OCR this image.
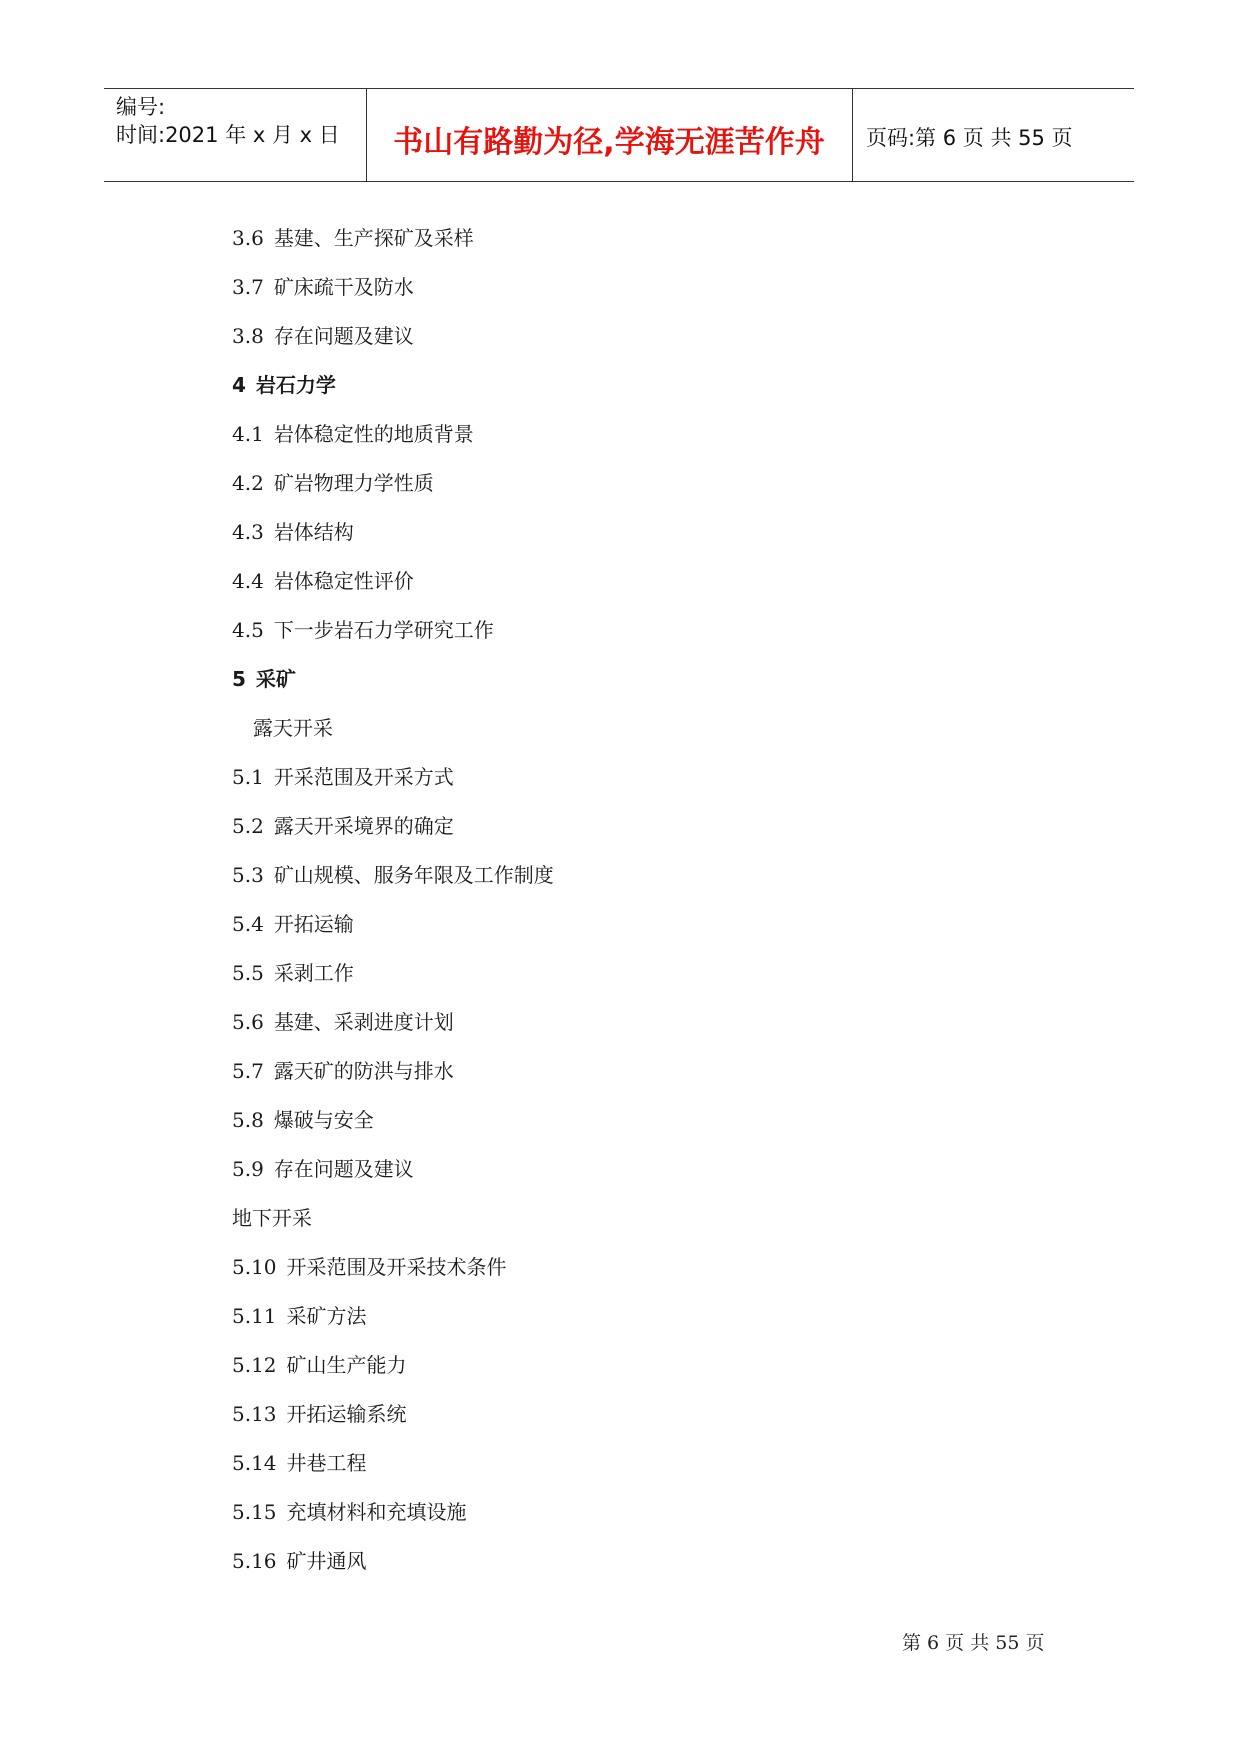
编号:
时间:2021 年 x 月 x 日	书山有路勤为径,学海无涯苦作舟	页码:第 6 页 共 55 页
3.6 基建、生产探矿及采样
3.7 矿床疏干及防水
3.8 存在问题及建议
4 岩石力学
4.1 岩体稳定性的地质背景
4.2 矿岩物理力学性质
4.3 岩体结构
4.4 岩体稳定性评价
4.5 下一步岩石力学研究工作
5 采矿
露天开采
5.1 开采范围及开采方式
5.2 露天开采境界的确定
5.3 矿山规模、服务年限及工作制度
5.4 开拓运输
5.5 采剥工作
5.6 基建、采剥进度计划
5.7 露天矿的防洪与排水
5.8 爆破与安全
5.9 存在问题及建议
地下开采
5.10 开采范围及开采技术条件
5.11 采矿方法
5.12 矿山生产能力
5.13 开拓运输系统
5.14 井巷工程
5.15 充填材料和充填设施
5.16 矿井通风
第 6 页 共 55 页
